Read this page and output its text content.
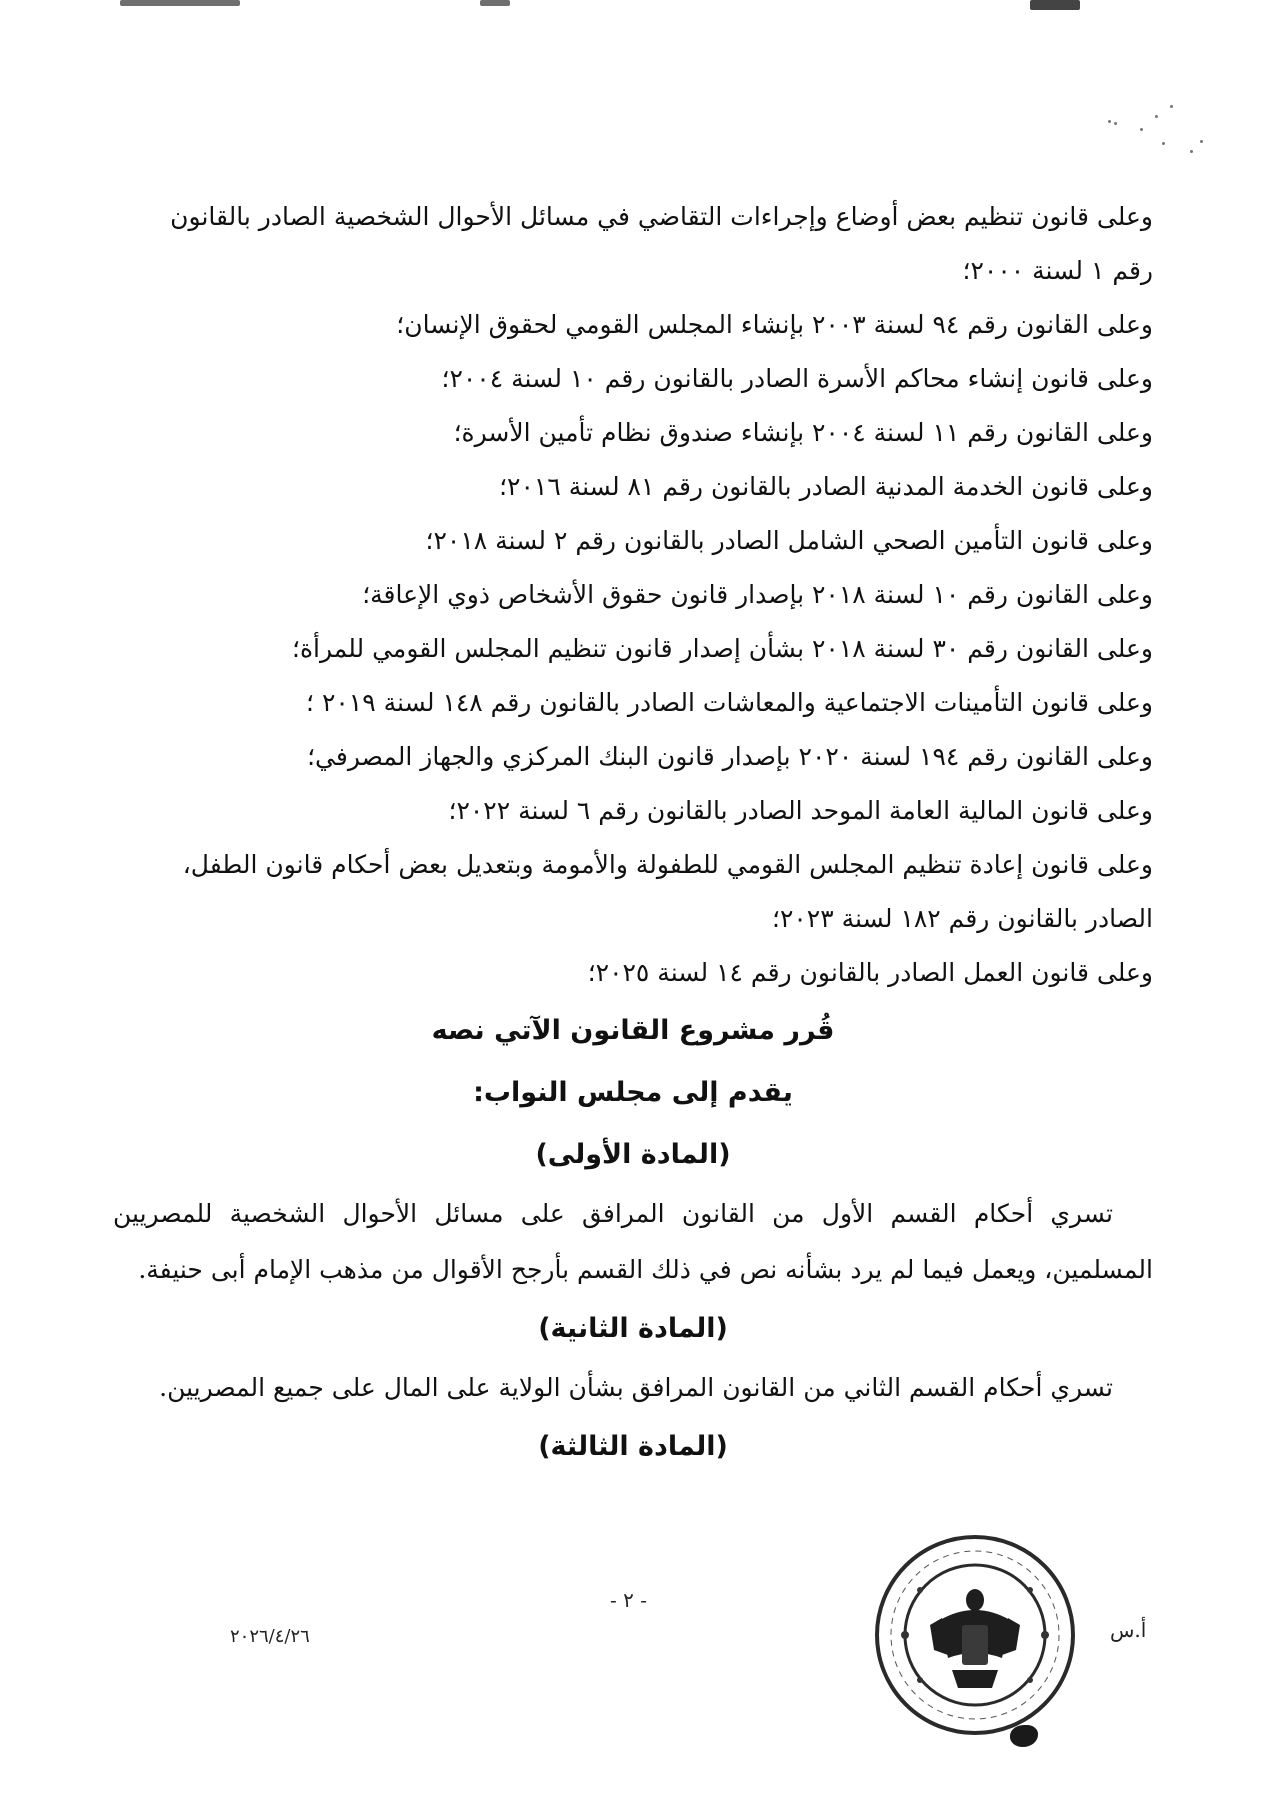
وعلى قانون تنظيم بعض أوضاع وإجراءات التقاضي في مسائل الأحوال الشخصية الصادر بالقانون
رقم ١ لسنة ٢٠٠٠؛
وعلى القانون رقم ٩٤ لسنة ٢٠٠٣ بإنشاء المجلس القومي لحقوق الإنسان؛
وعلى قانون إنشاء محاكم الأسرة الصادر بالقانون رقم ١٠ لسنة ٢٠٠٤؛
وعلى القانون رقم ١١ لسنة ٢٠٠٤ بإنشاء صندوق نظام تأمين الأسرة؛
وعلى قانون الخدمة المدنية الصادر بالقانون رقم ٨١ لسنة ٢٠١٦؛
وعلى قانون التأمين الصحي الشامل الصادر بالقانون رقم ٢ لسنة ٢٠١٨؛
وعلى القانون رقم ١٠ لسنة ٢٠١٨ بإصدار قانون حقوق الأشخاص ذوي الإعاقة؛
وعلى القانون رقم ٣٠ لسنة ٢٠١٨ بشأن إصدار قانون تنظيم المجلس القومي للمرأة؛
وعلى قانون التأمينات الاجتماعية والمعاشات الصادر بالقانون رقم ١٤٨ لسنة ٢٠١٩ ؛
وعلى القانون رقم ١٩٤ لسنة ٢٠٢٠ بإصدار قانون البنك المركزي والجهاز المصرفي؛
وعلى قانون المالية العامة الموحد الصادر بالقانون رقم ٦ لسنة ٢٠٢٢؛
وعلى قانون إعادة تنظيم المجلس القومي للطفولة والأمومة وبتعديل بعض أحكام قانون الطفل،
الصادر بالقانون رقم ١٨٢ لسنة ٢٠٢٣؛
وعلى قانون العمل الصادر بالقانون رقم ١٤ لسنة ٢٠٢٥؛
قُرر مشروع القانون الآتي نصه
يقدم إلى مجلس النواب:
(المادة الأولى)
تسري أحكام القسم الأول من القانون المرافق على مسائل الأحوال الشخصية للمصريين المسلمين، ويعمل فيما لم يرد بشأنه نص في ذلك القسم بأرجح الأقوال من مذهب الإمام أبى حنيفة.
(المادة الثانية)
تسري أحكام القسم الثاني من القانون المرافق بشأن الولاية على المال على جميع المصريين.
(المادة الثالثة)
- ٢ -
٢٠٢٦/٤/٢٦	أ.س
